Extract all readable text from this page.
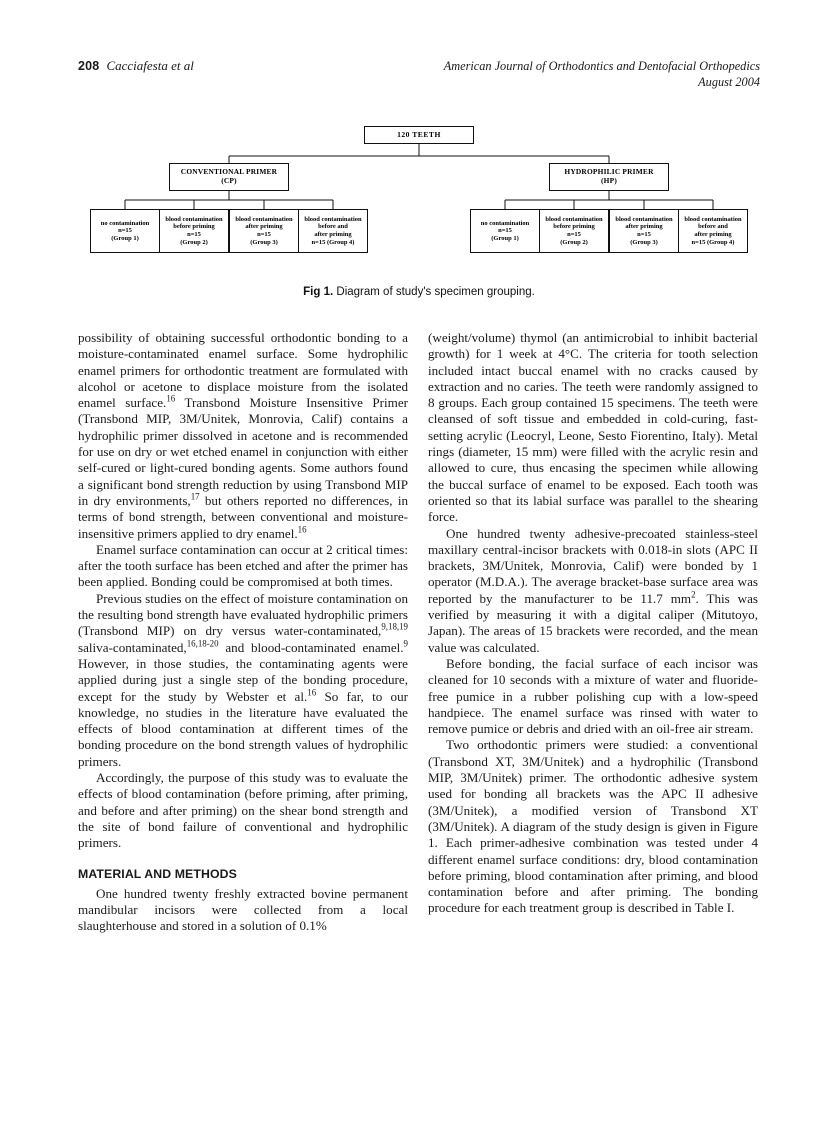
208 Cacciafesta et al	American Journal of Orthodontics and Dentofacial Orthopedics
August 2004
120 TEETH
CONVENTIONAL PRIMER
(CP)
HYDROPHILIC PRIMER
(HP)
no contamination
n=15
(Group 1)
blood contamination
before priming
n=15
(Group 2)
blood contamination
after priming
n=15
(Group 3)
blood contamination
before and
after priming
n=15 (Group 4)
no contamination
n=15
(Group 1)
blood contamination
before priming
n=15
(Group 2)
blood contamination
after priming
n=15
(Group 3)
blood contamination
before and
after priming
n=15 (Group 4)
Fig 1. Diagram of study's specimen grouping.

possibility of obtaining successful orthodontic bonding to a moisture-contaminated enamel surface. Some hydrophilic enamel primers for orthodontic treatment are formulated with alcohol or acetone to displace moisture from the isolated enamel surface.$^{16}$ Transbond Moisture Insensitive Primer (Transbond MIP, 3M/Unitek, Monrovia, Calif) contains a hydrophilic primer dissolved in acetone and is recommended for use on dry or wet etched enamel in conjunction with either self-cured or light-cured bonding agents. Some authors found a significant bond strength reduction by using Transbond MIP in dry environments,$^{17}$ but others reported no differences, in terms of bond strength, between conventional and moisture-insensitive primers applied to dry enamel.$^{16}$

Enamel surface contamination can occur at 2 critical times: after the tooth surface has been etched and after the primer has been applied. Bonding could be compromised at both times.

Previous studies on the effect of moisture contamination on the resulting bond strength have evaluated hydrophilic primers (Transbond MIP) on dry versus water-contaminated,$^{9,18,19}$ saliva-contaminated,$^{16,18-20}$ and blood-contaminated enamel.$^9$ However, in those studies, the contaminating agents were applied during just a single step of the bonding procedure, except for the study by Webster et al.$^{16}$ So far, to our knowledge, no studies in the literature have evaluated the effects of blood contamination at different times of the bonding procedure on the bond strength values of hydrophilic primers.

Accordingly, the purpose of this study was to evaluate the effects of blood contamination (before priming, after priming, and before and after priming) on the shear bond strength and the site of bond failure of conventional and hydrophilic primers.

MATERIAL AND METHODS

One hundred twenty freshly extracted bovine permanent mandibular incisors were collected from a local slaughterhouse and stored in a solution of 0.1%

(weight/volume) thymol (an antimicrobial to inhibit bacterial growth) for 1 week at 4°C. The criteria for tooth selection included intact buccal enamel with no cracks caused by extraction and no caries. The teeth were randomly assigned to 8 groups. Each group contained 15 specimens. The teeth were cleansed of soft tissue and embedded in cold-curing, fast-setting acrylic (Leocryl, Leone, Sesto Fiorentino, Italy). Metal rings (diameter, 15 mm) were filled with the acrylic resin and allowed to cure, thus encasing the specimen while allowing the buccal surface of enamel to be exposed. Each tooth was oriented so that its labial surface was parallel to the shearing force.

One hundred twenty adhesive-precoated stainless-steel maxillary central-incisor brackets with 0.018-in slots (APC II brackets, 3M/Unitek, Monrovia, Calif) were bonded by 1 operator (M.D.A.). The average bracket-base surface area was reported by the manufacturer to be 11.7 $mm^2$. This was verified by measuring it with a digital caliper (Mitutoyo, Japan). The areas of 15 brackets were recorded, and the mean value was calculated.

Before bonding, the facial surface of each incisor was cleaned for 10 seconds with a mixture of water and fluoride-free pumice in a rubber polishing cup with a low-speed handpiece. The enamel surface was rinsed with water to remove pumice or debris and dried with an oil-free air stream.

Two orthodontic primers were studied: a conventional (Transbond XT, 3M/Unitek) and a hydrophilic (Transbond MIP, 3M/Unitek) primer. The orthodontic adhesive system used for bonding all brackets was the APC II adhesive (3M/Unitek), a modified version of Transbond XT (3M/Unitek). A diagram of the study design is given in Figure 1. Each primer-adhesive combination was tested under 4 different enamel surface conditions: dry, blood contamination before priming, blood contamination after priming, and blood contamination before and after priming. The bonding procedure for each treatment group is described in Table I.
